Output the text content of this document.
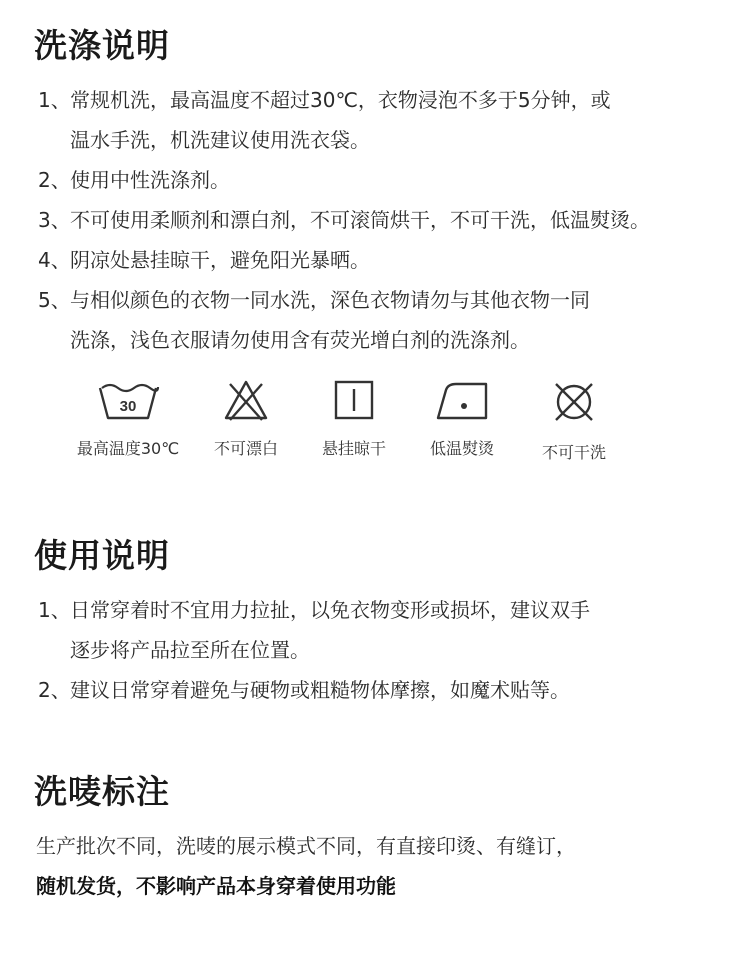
洗涤说明
1、常规机洗，最高温度不超过30℃，衣物浸泡不多于5分钟，或
温水手洗，机洗建议使用洗衣袋。
2、使用中性洗涤剂。
3、不可使用柔顺剂和漂白剂，不可滚筒烘干，不可干洗，低温熨烫。
4、阴凉处悬挂晾干，避免阳光暴晒。
5、与相似颜色的衣物一同水洗，深色衣物请勿与其他衣物一同
洗涤，浅色衣服请勿使用含有荧光增白剂的洗涤剂。
30
最高温度30℃	不可漂白	悬挂晾干	低温熨烫	不可干洗
使用说明
1、日常穿着时不宜用力拉扯，以免衣物变形或损坏，建议双手
逐步将产品拉至所在位置。
2、建议日常穿着避免与硬物或粗糙物体摩擦，如魔术贴等。
洗唛标注
生产批次不同，洗唛的展示模式不同，有直接印烫、有缝订，
随机发货，不影响产品本身穿着使用功能
